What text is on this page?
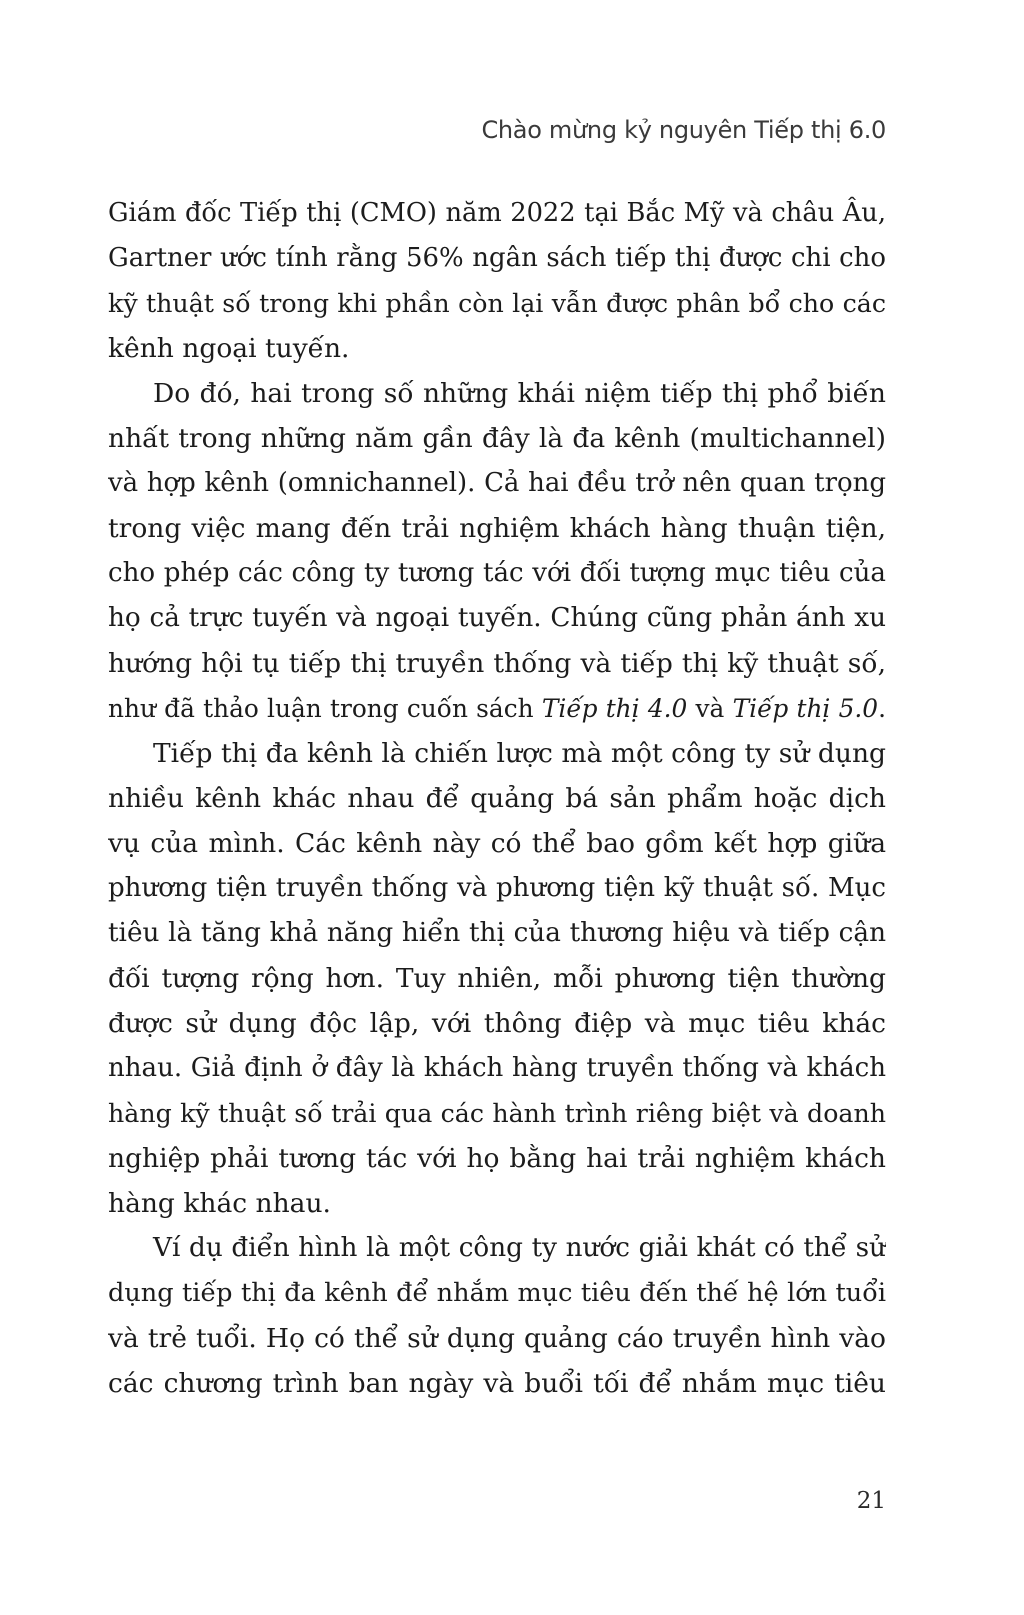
Chào mừng kỷ nguyên Tiếp thị 6.0
Giám đốc Tiếp thị (CMO) năm 2022 tại Bắc Mỹ và châu Âu,
Gartner ước tính rằng 56% ngân sách tiếp thị được chi cho
kỹ thuật số trong khi phần còn lại vẫn được phân bổ cho các
kênh ngoại tuyến.
Do đó, hai trong số những khái niệm tiếp thị phổ biến
nhất trong những năm gần đây là đa kênh (multichannel)
và hợp kênh (omnichannel). Cả hai đều trở nên quan trọng
trong việc mang đến trải nghiệm khách hàng thuận tiện,
cho phép các công ty tương tác với đối tượng mục tiêu của
họ cả trực tuyến và ngoại tuyến. Chúng cũng phản ánh xu
hướng hội tụ tiếp thị truyền thống và tiếp thị kỹ thuật số,
như đã thảo luận trong cuốn sách Tiếp thị 4.0 và Tiếp thị 5.0.
Tiếp thị đa kênh là chiến lược mà một công ty sử dụng
nhiều kênh khác nhau để quảng bá sản phẩm hoặc dịch
vụ của mình. Các kênh này có thể bao gồm kết hợp giữa
phương tiện truyền thống và phương tiện kỹ thuật số. Mục
tiêu là tăng khả năng hiển thị của thương hiệu và tiếp cận
đối tượng rộng hơn. Tuy nhiên, mỗi phương tiện thường
được sử dụng độc lập, với thông điệp và mục tiêu khác
nhau. Giả định ở đây là khách hàng truyền thống và khách
hàng kỹ thuật số trải qua các hành trình riêng biệt và doanh
nghiệp phải tương tác với họ bằng hai trải nghiệm khách
hàng khác nhau.
Ví dụ điển hình là một công ty nước giải khát có thể sử
dụng tiếp thị đa kênh để nhắm mục tiêu đến thế hệ lớn tuổi
và trẻ tuổi. Họ có thể sử dụng quảng cáo truyền hình vào
các chương trình ban ngày và buổi tối để nhắm mục tiêu
21
